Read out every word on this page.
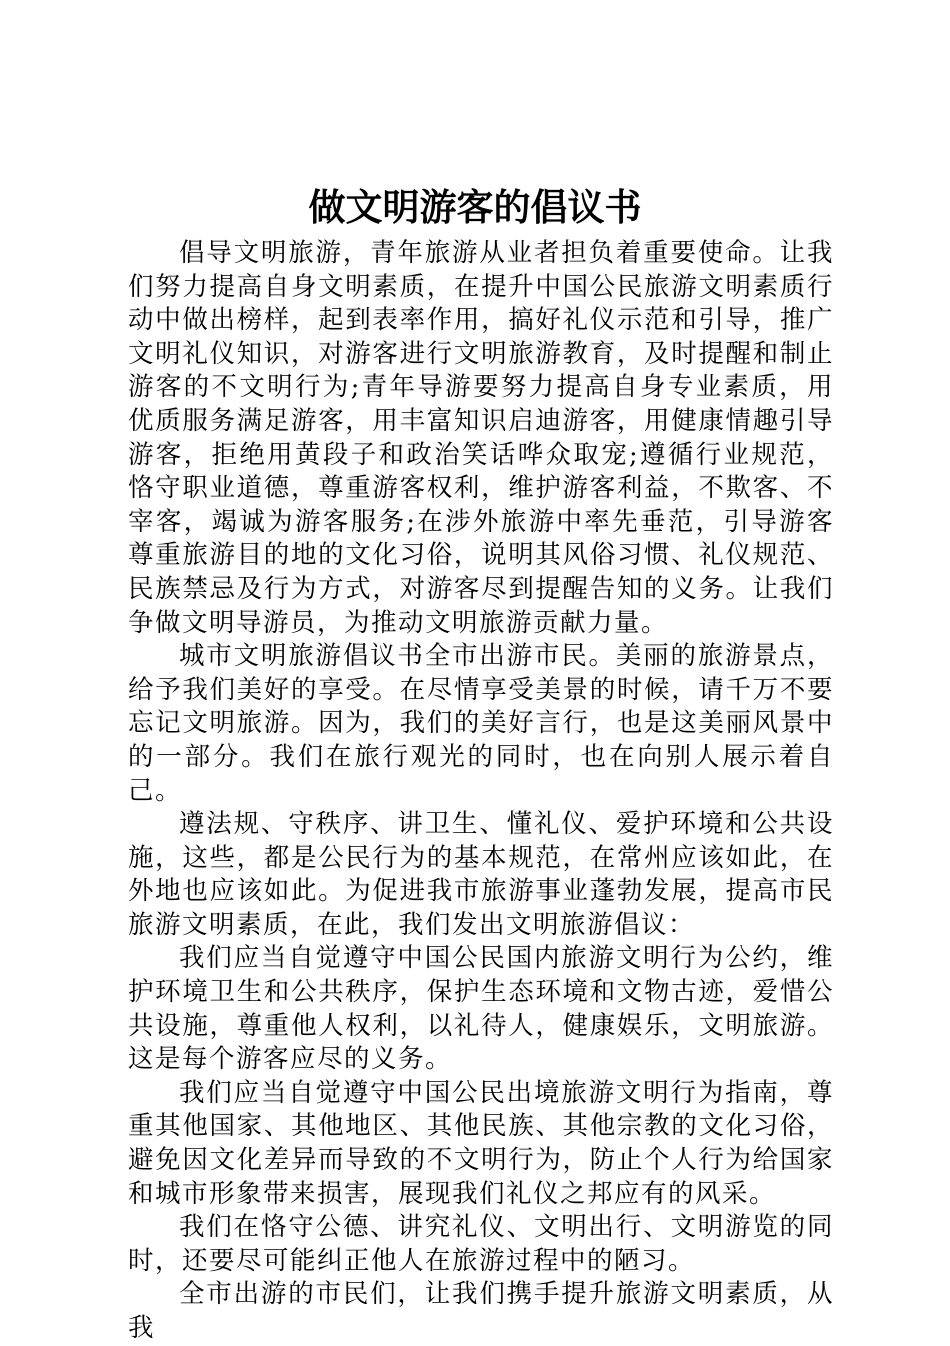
做文明游客的倡议书

倡导文明旅游，青年旅游从业者担负着重要使命。让我们努力提高自身文明素质，在提升中国公民旅游文明素质行动中做出榜样，起到表率作用，搞好礼仪示范和引导，推广文明礼仪知识，对游客进行文明旅游教育，及时提醒和制止游客的不文明行为;青年导游要努力提高自身专业素质，用优质服务满足游客，用丰富知识启迪游客，用健康情趣引导游客，拒绝用黄段子和政治笑话哗众取宠;遵循行业规范，恪守职业道德，尊重游客权利，维护游客利益，不欺客、不宰客，竭诚为游客服务;在涉外旅游中率先垂范，引导游客尊重旅游目的地的文化习俗，说明其风俗习惯、礼仪规范、民族禁忌及行为方式，对游客尽到提醒告知的义务。让我们争做文明导游员，为推动文明旅游贡献力量。

城市文明旅游倡议书全市出游市民。美丽的旅游景点，给予我们美好的享受。在尽情享受美景的时候，请千万不要忘记文明旅游。因为，我们的美好言行，也是这美丽风景中的一部分。我们在旅行观光的同时，也在向别人展示着自己。

遵法规、守秩序、讲卫生、懂礼仪、爱护环境和公共设施，这些，都是公民行为的基本规范，在常州应该如此，在外地也应该如此。为促进我市旅游事业蓬勃发展，提高市民旅游文明素质，在此，我们发出文明旅游倡议：

我们应当自觉遵守中国公民国内旅游文明行为公约，维护环境卫生和公共秩序，保护生态环境和文物古迹，爱惜公共设施，尊重他人权利，以礼待人，健康娱乐，文明旅游。这是每个游客应尽的义务。

我们应当自觉遵守中国公民出境旅游文明行为指南，尊重其他国家、其他地区、其他民族、其他宗教的文化习俗，避免因文化差异而导致的不文明行为，防止个人行为给国家和城市形象带来损害，展现我们礼仪之邦应有的风采。

我们在恪守公德、讲究礼仪、文明出行、文明游览的同时，还要尽可能纠正他人在旅游过程中的陋习。

全市出游的市民们，让我们携手提升旅游文明素质，从我
